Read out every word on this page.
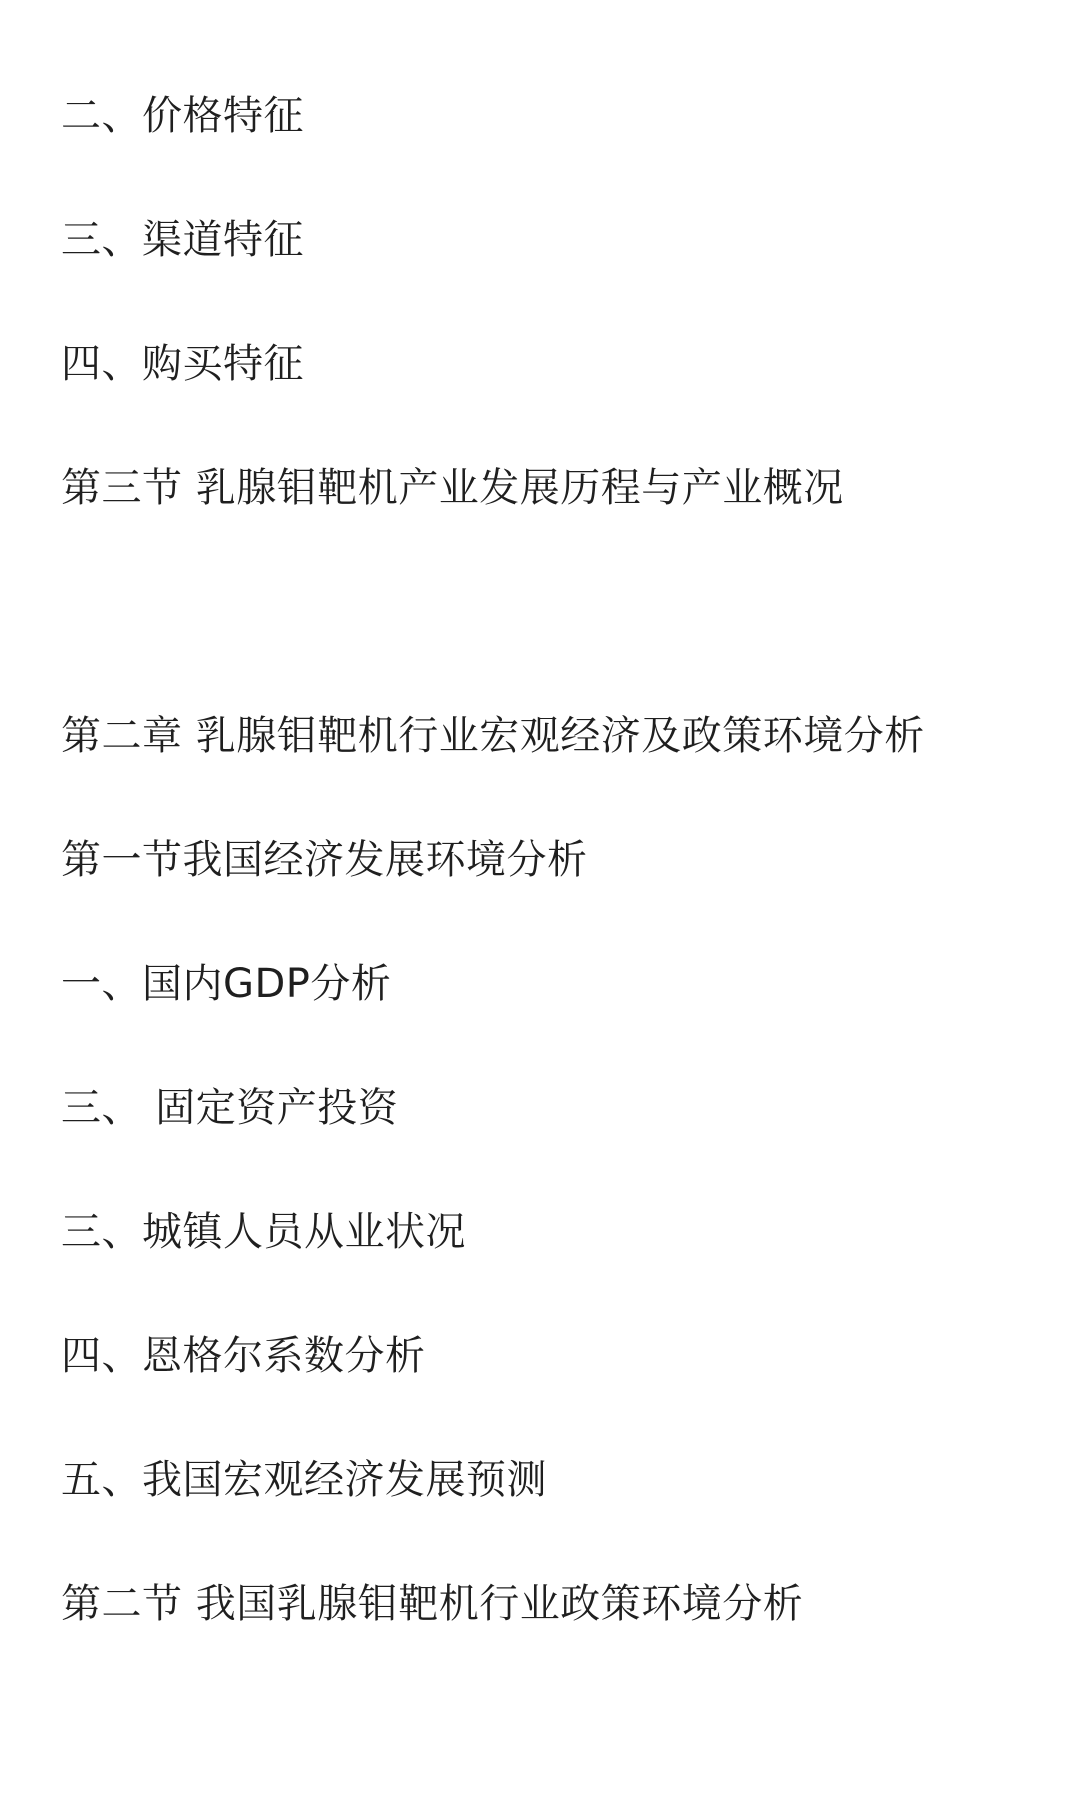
二、价格特征
三、渠道特征
四、购买特征
第三节 乳腺钼靶机产业发展历程与产业概况
第二章 乳腺钼靶机行业宏观经济及政策环境分析
第一节我国经济发展环境分析
一、国内GDP分析
三、 固定资产投资
三、城镇人员从业状况
四、恩格尔系数分析
五、我国宏观经济发展预测
第二节 我国乳腺钼靶机行业政策环境分析
